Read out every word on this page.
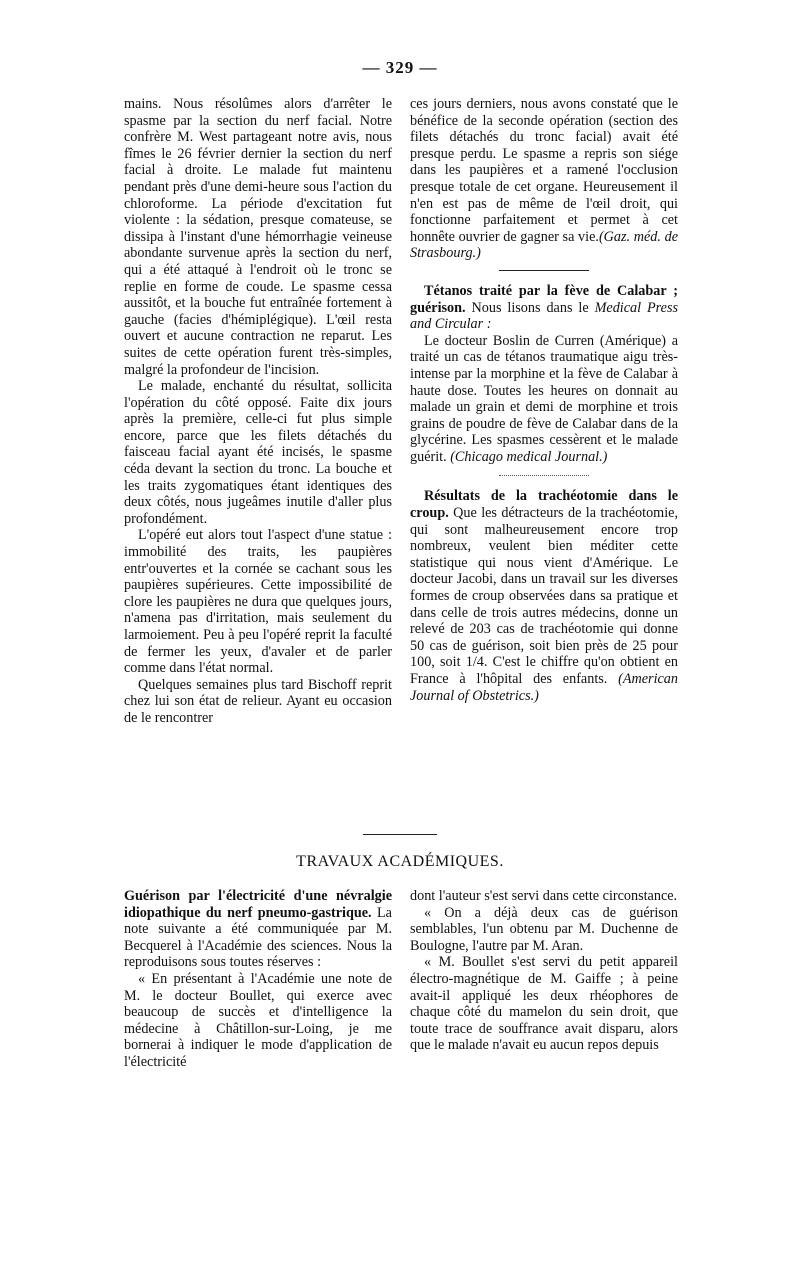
— 329 —

mains. Nous résolûmes alors d'arrêter le spasme par la section du nerf facial. Notre confrère M. West partageant notre avis, nous fîmes le 26 février dernier la section du nerf facial à droite. Le malade fut maintenu pendant près d'une demi-heure sous l'action du chloroforme. La période d'excitation fut violente : la sédation, presque comateuse, se dissipa à l'instant d'une hémorrhagie veineuse abondante survenue après la section du nerf, qui a été attaqué à l'endroit où le tronc se replie en forme de coude. Le spasme cessa aussitôt, et la bouche fut entraînée fortement à gauche (facies d'hémiplégique). L'œil resta ouvert et aucune contraction ne reparut. Les suites de cette opération furent très-simples, malgré la profondeur de l'incision.

Le malade, enchanté du résultat, sollicita l'opération du côté opposé. Faite dix jours après la première, celle-ci fut plus simple encore, parce que les filets détachés du faisceau facial ayant été incisés, le spasme céda devant la section du tronc. La bouche et les traits zygomatiques étant identiques des deux côtés, nous jugeâmes inutile d'aller plus profondément.

L'opéré eut alors tout l'aspect d'une statue : immobilité des traits, les paupières entr'ouvertes et la cornée se cachant sous les paupières supérieures. Cette impossibilité de clore les paupières ne dura que quelques jours, n'amena pas d'irritation, mais seulement du larmoiement. Peu à peu l'opéré reprit la faculté de fermer les yeux, d'avaler et de parler comme dans l'état normal.

Quelques semaines plus tard Bischoff reprit chez lui son état de relieur. Ayant eu occasion de le rencontrer

ces jours derniers, nous avons constaté que le bénéfice de la seconde opération (section des filets détachés du tronc facial) avait été presque perdu. Le spasme a repris son siége dans les paupières et a ramené l'occlusion presque totale de cet organe. Heureusement il n'en est pas de même de l'œil droit, qui fonctionne parfaitement et permet à cet honnête ouvrier de gagner sa vie.(Gaz. méd. de Strasbourg.)

Tétanos traité par la fève de Calabar ; guérison. Nous lisons dans le Medical Press and Circular :

Le docteur Boslin de Curren (Amérique) a traité un cas de tétanos traumatique aigu très-intense par la morphine et la fève de Calabar à haute dose. Toutes les heures on donnait au malade un grain et demi de morphine et trois grains de poudre de fève de Calabar dans de la glycérine. Les spasmes cessèrent et le malade guérit. (Chicago medical Journal.)

Résultats de la trachéotomie dans le croup. Que les détracteurs de la trachéotomie, qui sont malheureusement encore trop nombreux, veulent bien méditer cette statistique qui nous vient d'Amérique. Le docteur Jacobi, dans un travail sur les diverses formes de croup observées dans sa pratique et dans celle de trois autres médecins, donne un relevé de 203 cas de trachéotomie qui donne 50 cas de guérison, soit bien près de 25 pour 100, soit 1/4. C'est le chiffre qu'on obtient en France à l'hôpital des enfants. (American Journal of Obstetrics.)

TRAVAUX ACADÉMIQUES.

Guérison par l'électricité d'une névralgie idiopathique du nerf pneumo-gastrique. La note suivante a été communiquée par M. Becquerel à l'Académie des sciences. Nous la reproduisons sous toutes réserves :

« En présentant à l'Académie une note de M. le docteur Boullet, qui exerce avec beaucoup de succès et d'intelligence la médecine à Châtillon-sur-Loing, je me bornerai à indiquer le mode d'application de l'électricité

dont l'auteur s'est servi dans cette circonstance.

« On a déjà deux cas de guérison semblables, l'un obtenu par M. Duchenne de Boulogne, l'autre par M. Aran.

« M. Boullet s'est servi du petit appareil électro-magnétique de M. Gaiffe ; à peine avait-il appliqué les deux rhéophores de chaque côté du mamelon du sein droit, que toute trace de souffrance avait disparu, alors que le malade n'avait eu aucun repos depuis
